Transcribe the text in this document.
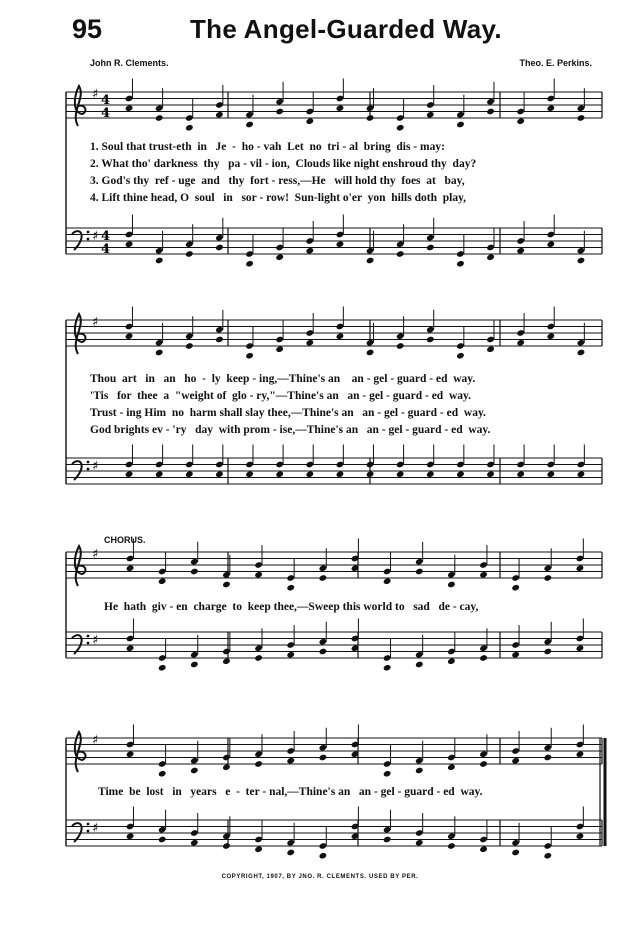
95	The Angel-Guarded Way.
John R. Clements.	Theo. E. Perkins.
♯
♯
4
4
4
4
♯
♯
♯
♯
♯
♯
1. Soul that trust-eth  in   Je  -  ho - vah  Let  no  tri - al  bring  dis - may:
2. What tho' darkness  thy   pa - vil - ion,  Clouds like night enshroud thy  day?
3. God's thy  ref - uge  and   thy  fort - ress,—He   will hold thy  foes  at   bay,
4. Lift thine head, O  soul   in   sor - row!  Sun-light o'er  yon  hills doth  play,
Thou  art   in   an   ho  -  ly  keep - ing,—Thine's an    an - gel - guard - ed  way.
'Tis   for  thee  a  "weight of  glo - ry,"—Thine's an   an - gel - guard - ed  way.
Trust - ing Him  no  harm shall slay thee,—Thine's an   an - gel - guard - ed  way.
God brights ev - 'ry   day  with prom - ise,—Thine's an   an - gel - guard - ed  way.
CHORUS.
He  hath  giv - en  charge  to  keep thee,—Sweep this world to   sad   de - cay,
Time  be  lost   in   years   e  -  ter - nal,—Thine's an   an - gel - guard - ed  way.
COPYRIGHT, 1907, BY JNO. R. CLEMENTS. USED BY PER.
